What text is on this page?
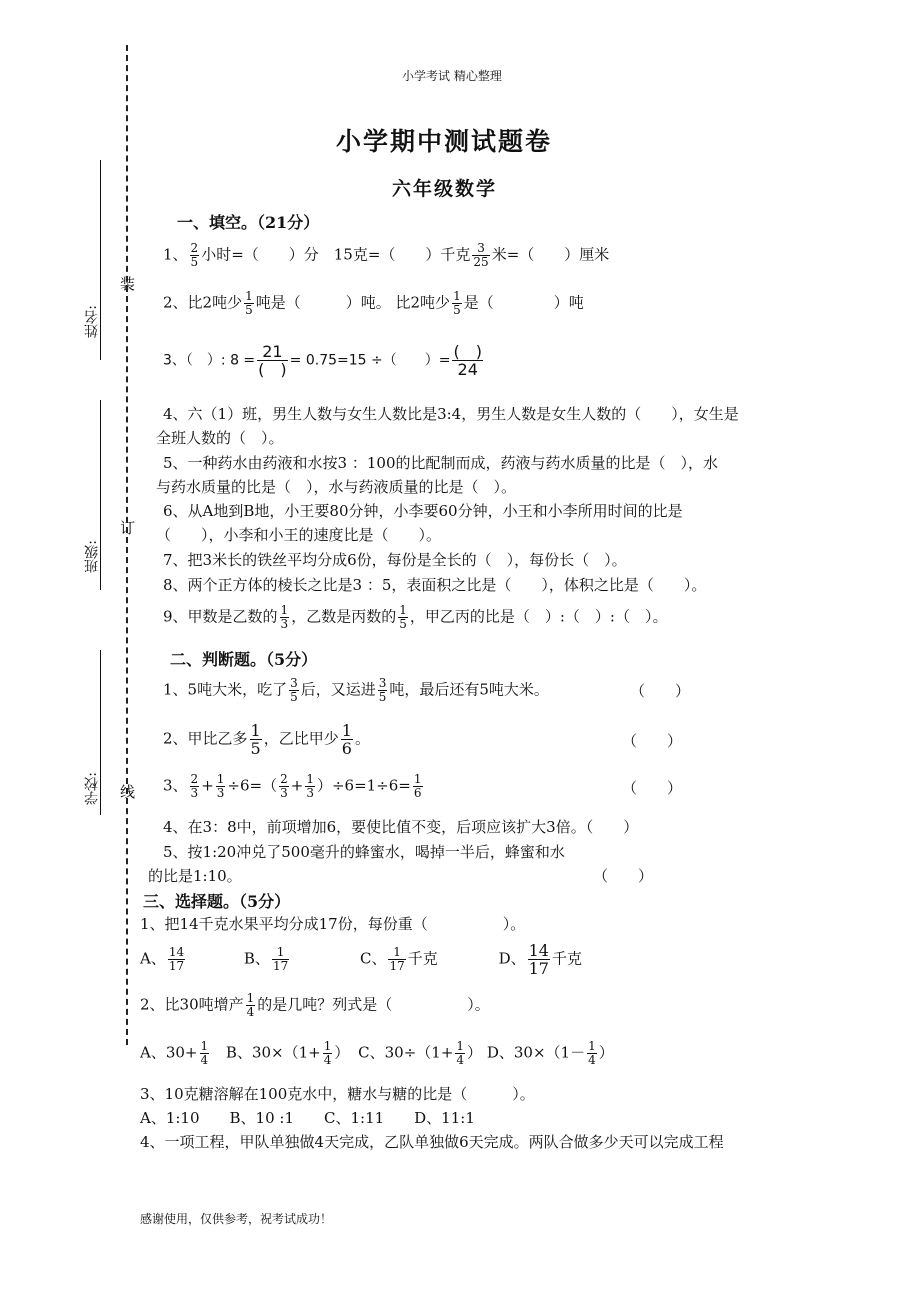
姓名:
班级:
学校:
装
订
线
小学考试 精心整理
小学期中测试题卷
六年级数学
一、填空。（21分）
1、 $\frac{2}{5}$ 小时=（　　）分　15克=（　　）千克 $\frac{3}{25}$ 米=（　　）厘米
2、比2吨少 $\frac{1}{5}$ 吨是（　　　）吨。 比2吨少 $\frac{1}{5}$ 是（　　　　）吨
3、（　）: $8 = \frac{21}{( )} = 0.75=15$ ÷（　　）= $\frac{( )}{24}$
4、六（1）班，男生人数与女生人数比是3:4，男生人数是女生人数的（　　），女生是
全班人数的（　）。
5、一种药水由药液和水按3 ：100的比配制而成，药液与药水质量的比是（　），水
与药水质量的比是（　），水与药液质量的比是（　）。
6、从A地到B地，小王要80分钟，小李要60分钟，小王和小李所用时间的比是
（　　），小李和小王的速度比是（　　）。
7、把3米长的铁丝平均分成6份，每份是全长的（　），每份长（　）。
8、两个正方体的棱长之比是3 ：5，表面积之比是（　　），体积之比是（　　）。
9、甲数是乙数的 $\frac{1}{3}$ ，乙数是丙数的 $\frac{1}{5}$ ，甲乙丙的比是（　）:（　）:（　）。
二、判断题。（5分）
1、5吨大米，吃了 $\frac{3}{5}$ 后，又运进 $\frac{3}{5}$ 吨，最后还有5吨大米。	（　　）
2、甲比乙多 $\frac{1}{5}$ ，乙比甲少 $\frac{1}{6}$ 。	（　　）
3、 $\frac{2}{3} + \frac{1}{3} \div 6=( \frac{2}{3} + \frac{1}{3} )\div 6=1\div 6= \frac{1}{6}$	（　　）
4、在3：8中，前项增加6，要使比值不变，后项应该扩大3倍。（　　）
5、按1:20冲兑了500毫升的蜂蜜水，喝掉一半后，蜂蜜和水
的比是1:10。	（　　）
三、选择题。（5分）
1、把14千克水果平均分成17份，每份重（　　　　　）。
A、 $\frac{14}{17}$	B、 $\frac{1}{17}$	C、 $\frac{1}{17}$ 千克	D、 $\frac{14}{17}$ 千克
2、比30吨增产 $\frac{1}{4}$ 的是几吨？列式是（　　　　　）。
A、$30+ \frac{1}{4}$ B、$30\times(1+ \frac{1}{4}$ ） C、$30\div(1+ \frac{1}{4}$ ） D、$30\times(1- \frac{1}{4}$ ）
3、10克糖溶解在100克水中，糖水与糖的比是（　　　）。
A、1:10　　B、10 :1　　C、1:11　　D、11:1
4、一项工程，甲队单独做4天完成，乙队单独做6天完成。两队合做多少天可以完成工程
感谢使用，仅供参考，祝考试成功！
